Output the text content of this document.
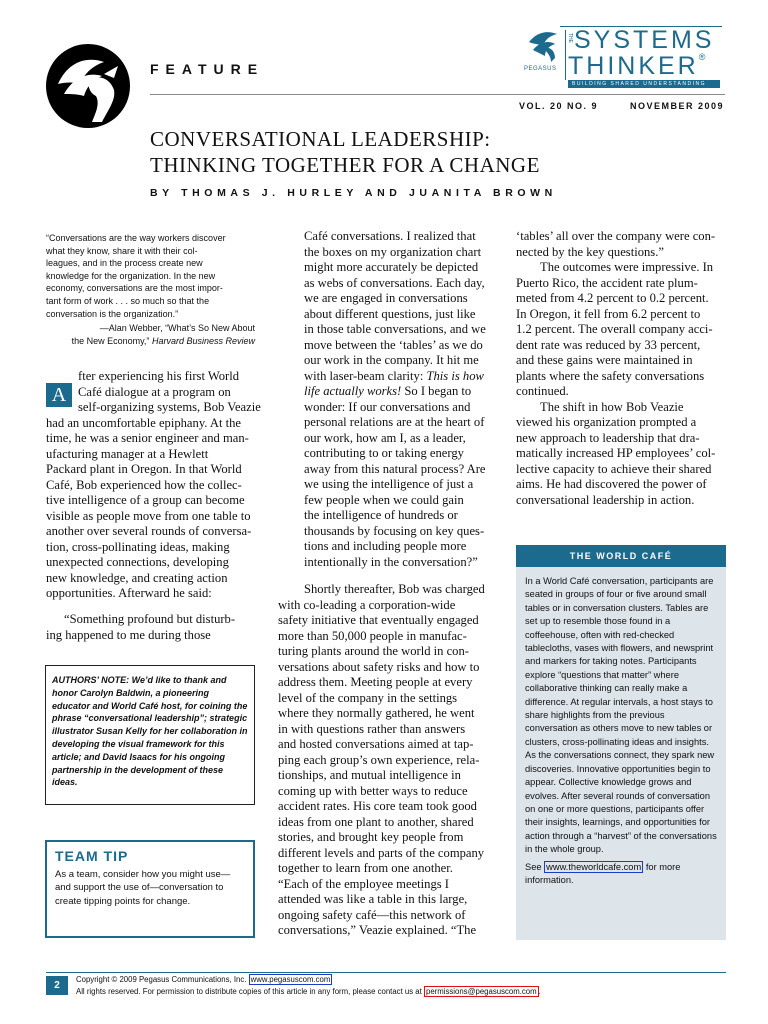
FEATURE	PEGASUS
THE SYSTEMS
THINKER®
BUILDING SHARED UNDERSTANDING
VOL. 20 NO. 9	NOVEMBER 2009
CONVERSATIONAL LEADERSHIP:
THINKING TOGETHER FOR A CHANGE
BY THOMAS J. HURLEY AND JUANITA BROWN
“Conversations are the way workers discover
what they know, share it with their col-
leagues, and in the process create new
knowledge for the organization. In the new
economy, conversations are the most impor-
tant form of work . . . so much so that the
conversation is the organization.”
—Alan Webber, “What’s So New About
the New Economy,” Harvard Business Review
A
fter experiencing his first World
Café dialogue at a program on
self-organizing systems, Bob Veazie
had an uncomfortable epiphany. At the
time, he was a senior engineer and man-
ufacturing manager at a Hewlett
Packard plant in Oregon. In that World
Café, Bob experienced how the collec-
tive intelligence of a group can become
visible as people move from one table to
another over several rounds of conversa-
tion, cross-pollinating ideas, making
unexpected connections, developing
new knowledge, and creating action
opportunities. Afterward he said:
“Something profound but disturb-
ing happened to me during those
AUTHORS’ NOTE: We’d like to thank and honor Carolyn Baldwin, a pioneering educator and World Café host, for coining the phrase “conversational leadership”; strategic illustrator Susan Kelly for her collaboration in developing the visual framework for this article; and David Isaacs for his ongoing partnership in the development of these ideas.
TEAM TIP
As a team, consider how you might use—and support the use of—conversation to create tipping points for change.
Café conversations. I realized that
the boxes on my organization chart
might more accurately be depicted
as webs of conversations. Each day,
we are engaged in conversations
about different questions, just like
in those table conversations, and we
move between the ‘tables’ as we do
our work in the company. It hit me
with laser-beam clarity: This is how
life actually works! So I began to
wonder: If our conversations and
personal relations are at the heart of
our work, how am I, as a leader,
contributing to or taking energy
away from this natural process? Are
we using the intelligence of just a
few people when we could gain
the intelligence of hundreds or
thousands by focusing on key ques-
tions and including people more
intentionally in the conversation?”
Shortly thereafter, Bob was charged
with co-leading a corporation-wide
safety initiative that eventually engaged
more than 50,000 people in manufac-
turing plants around the world in con-
versations about safety risks and how to
address them. Meeting people at every
level of the company in the settings
where they normally gathered, he went
in with questions rather than answers
and hosted conversations aimed at tap-
ping each group’s own experience, rela-
tionships, and mutual intelligence in
coming up with better ways to reduce
accident rates. His core team took good
ideas from one plant to another, shared
stories, and brought key people from
different levels and parts of the company
together to learn from one another.
“Each of the employee meetings I
attended was like a table in this large,
ongoing safety café—this network of
conversations,” Veazie explained. “The
‘tables’ all over the company were con-
nected by the key questions.”
The outcomes were impressive. In
Puerto Rico, the accident rate plum-
meted from 4.2 percent to 0.2 percent.
In Oregon, it fell from 6.2 percent to
1.2 percent. The overall company acci-
dent rate was reduced by 33 percent,
and these gains were maintained in
plants where the safety conversations
continued.
The shift in how Bob Veazie
viewed his organization prompted a
new approach to leadership that dra-
matically increased HP employees’ col-
lective capacity to achieve their shared
aims. He had discovered the power of
conversational leadership in action.
THE WORLD CAFÉ
In a World Café conversation, participants are seated in groups of four or five around small tables or in conversation clusters. Tables are set up to resemble those found in a coffeehouse, often with red-checked tablecloths, vases with flowers, and newsprint and markers for taking notes. Participants explore “questions that matter” where collaborative thinking can really make a difference. At regular intervals, a host stays to share highlights from the previous conversation as others move to new tables or clusters, cross-pollinating ideas and insights. As the conversations connect, they spark new discoveries. Innovative opportunities begin to appear. Collective knowledge grows and evolves. After several rounds of conversation on one or more questions, participants offer their insights, learnings, and opportunities for action through a “harvest” of the conversations in the whole group.
See www.theworldcafe.com for more information.
2
Copyright © 2009 Pegasus Communications, Inc. www.pegasuscom.com
All rights reserved. For permission to distribute copies of this article in any form, please contact us at permissions@pegasuscom.com .
